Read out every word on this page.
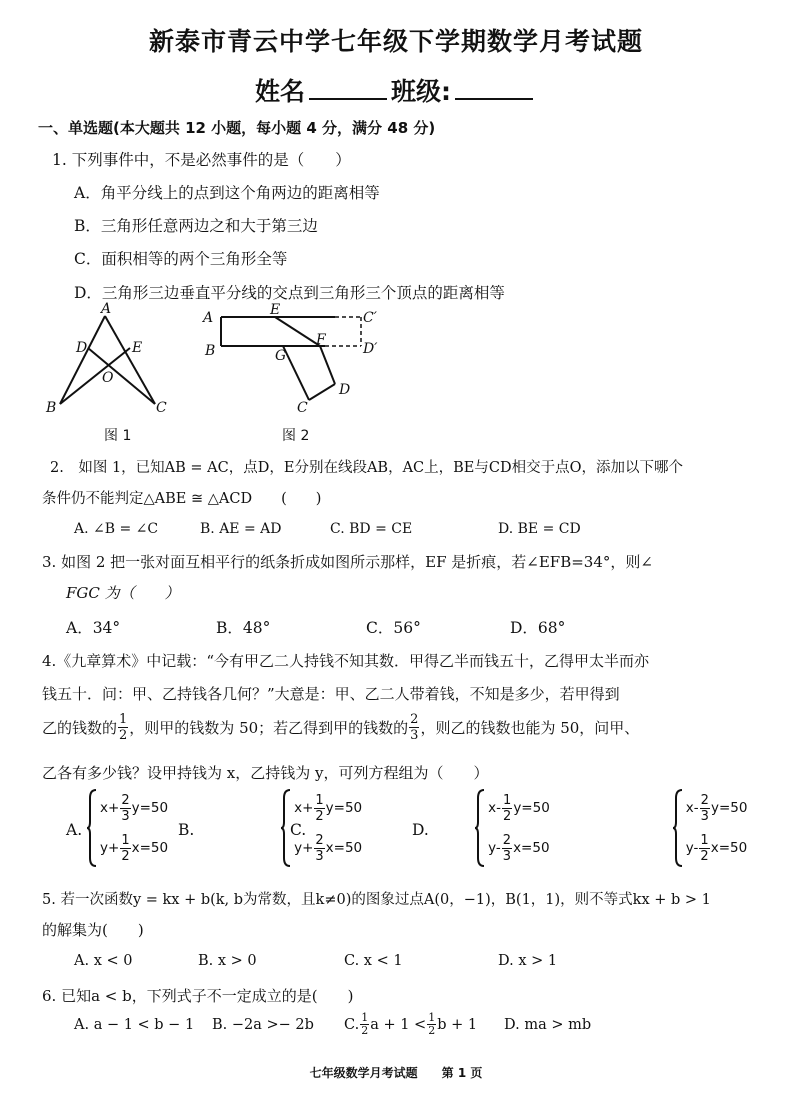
新泰市青云中学七年级下学期数学月考试题
姓名	班级:
一、单选题(本大题共 12 小题，每小题 4 分，满分 48 分)
1. 下列事件中，不是必然事件的是（　　）
A．角平分线上的点到这个角两边的距离相等
B．三角形任意两边之和大于第三边
C．面积相等的两个三角形全等
D．三角形三边垂直平分线的交点到三角形三个顶点的距离相等
A
D	E
O
B	C
图 1
A	E	C′
B	G
F
D′
D
C
图 2
2.　如图 1，已知AB = AC，点D，E分别在线段AB，AC上，BE与CD相交于点O，添加以下哪个
条件仍不能判定△ABE ≅ △ACD　　(　　)
A. ∠B = ∠C	B. AE = AD	C. BD = CE	D. BE = CD
3. 如图 2 把一张对面互相平行的纸条折成如图所示那样，EF 是折痕，若∠EFB=34°，则∠
FGC 为（　　）
A．34°	B．48°	C．56°	D．68°
4.《九章算术》中记载：“今有甲乙二人持钱不知其数．甲得乙半而钱五十，乙得甲太半而亦
钱五十．问：甲、乙持钱各几何？”大意是：甲、乙二人带着钱，不知是多少，若甲得到
乙的钱数的 $\frac{1}{2}$ ，则甲的钱数为 50；若乙得到甲的钱数的 $\frac{2}{3}$ ，则乙的钱数也能为 50，问甲、
乙各有多少钱？设甲持钱为 x，乙持钱为 y，可列方程组为（　　）
A.
$x+ \frac{2}{3} y=50$
$y+ \frac{1}{2} x=50$
B.
$x+ \frac{1}{2} y=50$
$y+ \frac{2}{3} x=50$
C.
$x- \frac{1}{2} y=50$
$y- \frac{2}{3} x=50$
D.
$x- \frac{2}{3} y=50$
$y- \frac{1}{2} x=50$
5. 若一次函数y = kx + b(k, b为常数，且k≠0)的图象过点A(0，−1)，B(1，1)，则不等式kx + b > 1
的解集为(　　)
A. x < 0	B. x > 0	C. x < 1	D. x > 1
6. 已知a < b，下列式子不一定成立的是(　　)
A. a − 1 < b − 1 B. −2a >− 2b C. $\frac{1}{2}$ $a + 1 < \frac{1}{2}$ b + 1 D. ma > mb
七年级数学月考试题　　第 1 页
